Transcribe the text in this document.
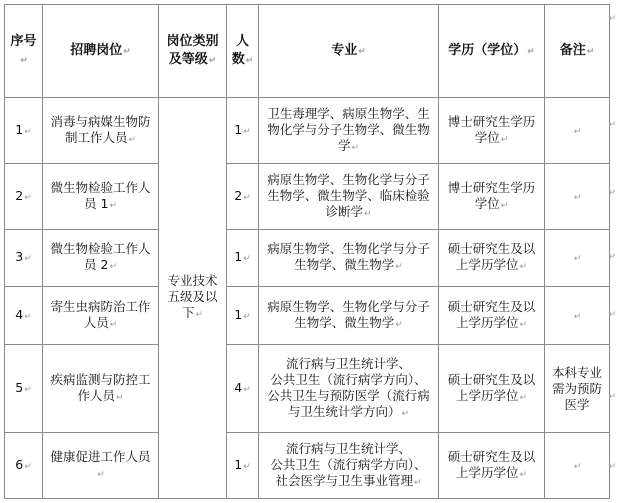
序号↵	招聘岗位↵	岗位类别及等级↵	人数↵	专业↵	学历（学位）↵	备注↵
1↵	消毒与病媒生物防制工作人员↵	专业技术五级及以下↵	1↵	卫生毒理学、病原生物学、生物化学与分子生物学、微生物学↵	博士研究生学历学位↵	↵
2↵	微生物检验工作人员 1↵		2↵	病原生物学、生物化学与分子生物学、微生物学、临床检验诊断学↵	博士研究生学历学位↵	↵
3↵	微生物检验工作人员 2↵		1↵	病原生物学、生物化学与分子生物学、微生物学↵	硕士研究生及以上学历学位↵	↵
4↵	寄生虫病防治工作人员↵		1↵	病原生物学、生物化学与分子生物学、微生物学↵	硕士研究生及以上学历学位↵	↵
5↵	疾病监测与防控工作人员↵		4↵	流行病与卫生统计学、
公共卫生（流行病学方向）、
公共卫生与预防医学（流行病与卫生统计学方向）↵	硕士研究生及以上学历学位↵	本科专业需为预防医学
6↵	健康促进工作人员↵		1↵	流行病与卫生统计学、
公共卫生（流行病学方向）、
社会医学与卫生事业管理↵	硕士研究生及以上学历学位↵	↵
↵
↵
↵
↵
↵
↵
↵
